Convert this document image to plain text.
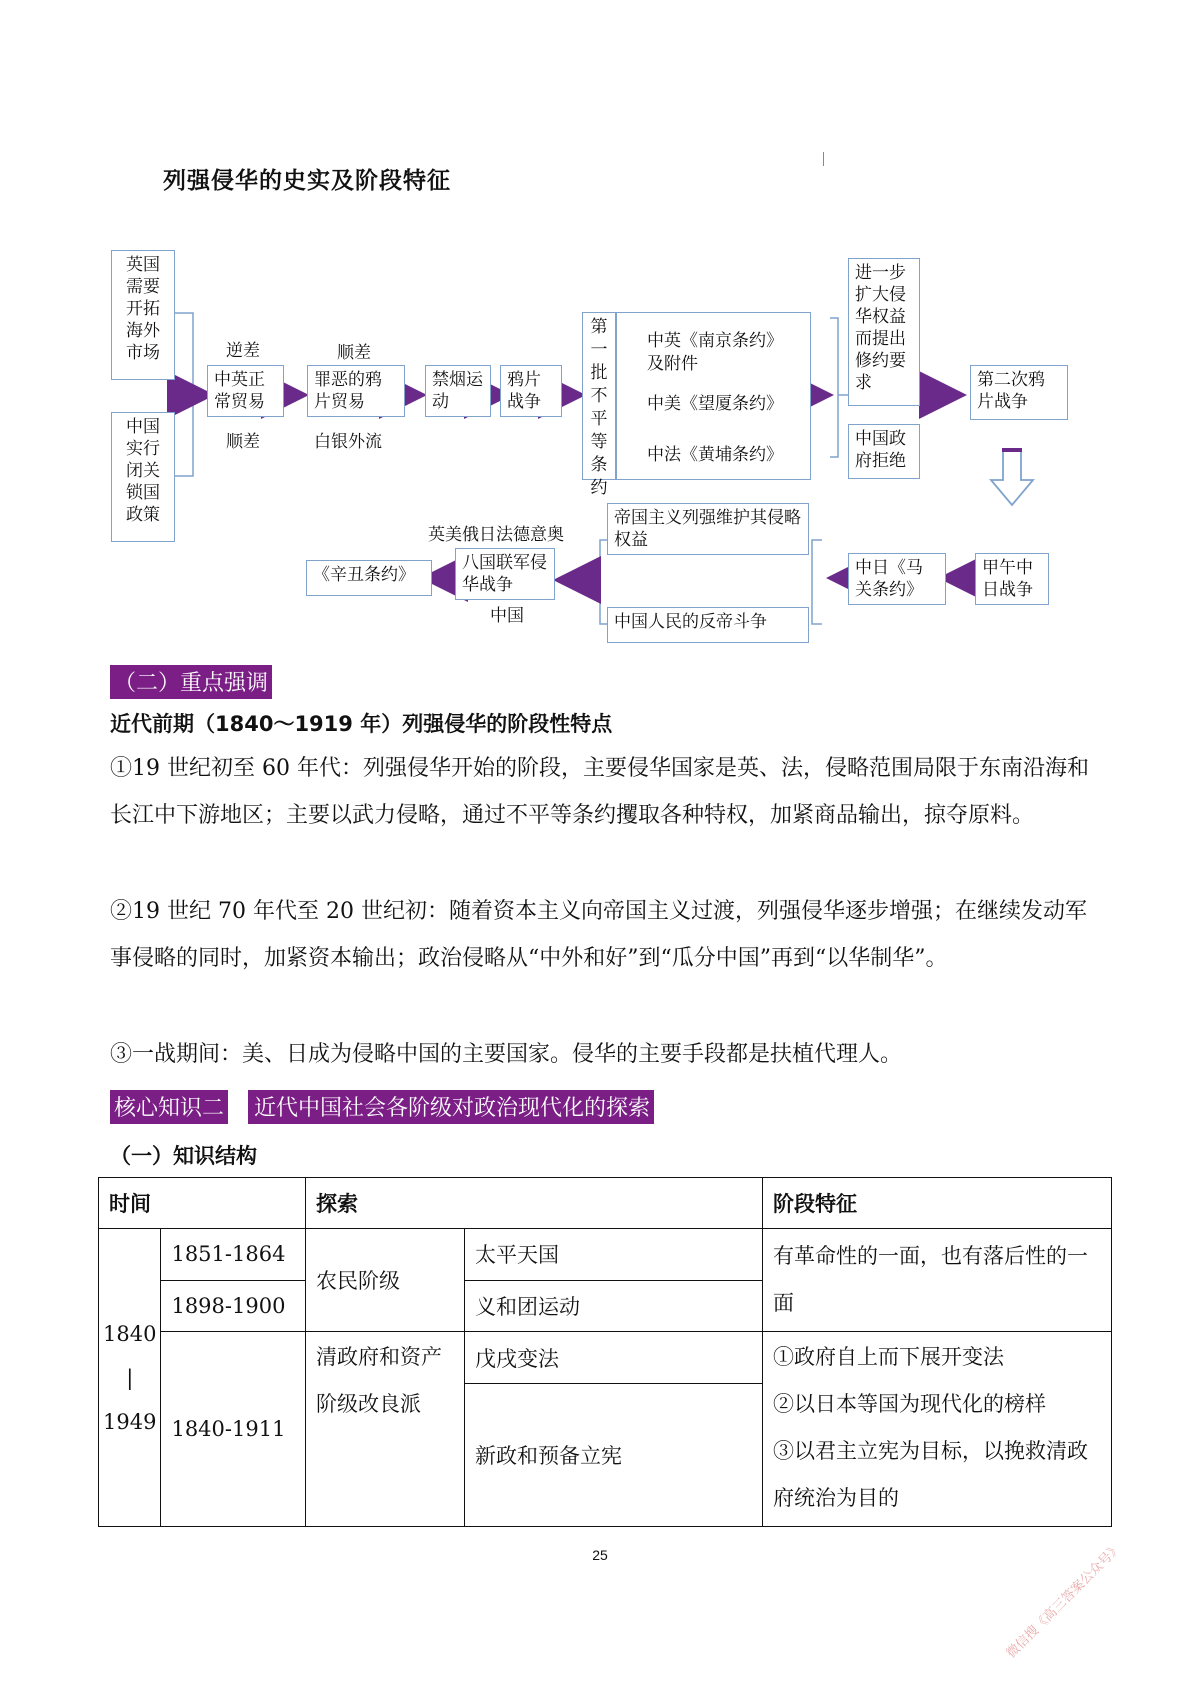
列强侵华的史实及阶段特征
英国需要开拓海外市场
中国实行闭关锁国政策
逆差
中英正常贸易
顺差
顺差
罪恶的鸦片贸易
白银外流
禁烟运动
鸦片战争
第一批不平等条约
中英《南京条约》及附件
中美《望厦条约》
中法《黄埔条约》
进一步扩大侵华权益而提出修约要求
中国政府拒绝
第二次鸦片战争
甲午中日战争
中日《马关条约》
帝国主义列强维护其侵略权益
中国人民的反帝斗争
英美俄日法德意奥
八国联军侵华战争
中国
《辛丑条约》
（二）重点强调
近代前期（1840～1919 年）列强侵华的阶段性特点
①19 世纪初至 60 年代：列强侵华开始的阶段，主要侵华国家是英、法，侵略范围局限于东南沿海和长江中下游地区；主要以武力侵略，通过不平等条约攫取各种特权，加紧商品输出，掠夺原料。
②19 世纪 70 年代至 20 世纪初：随着资本主义向帝国主义过渡，列强侵华逐步增强；在继续发动军事侵略的同时，加紧资本输出；政治侵略从“中外和好”到“瓜分中国”再到“以华制华”。
③一战期间：美、日成为侵略中国的主要国家。侵华的主要手段都是扶植代理人。
核心知识二 近代中国社会各阶级对政治现代化的探索
（一）知识结构
时间		探索		阶段特征

1840
|
1949	1851-1864	农民阶级	太平天国	有革命性的一面，也有落后性的一面
	1898-1900		义和团运动	
	1840-1911	清政府和资产阶级改良派	戊戌变法	①政府自上而下展开变法
②以日本等国为现代化的榜样
③以君主立宪为目标，以挽救清政府统治为目的

			新政和预备立宪	
25	微信搜《高三答案公众号》
